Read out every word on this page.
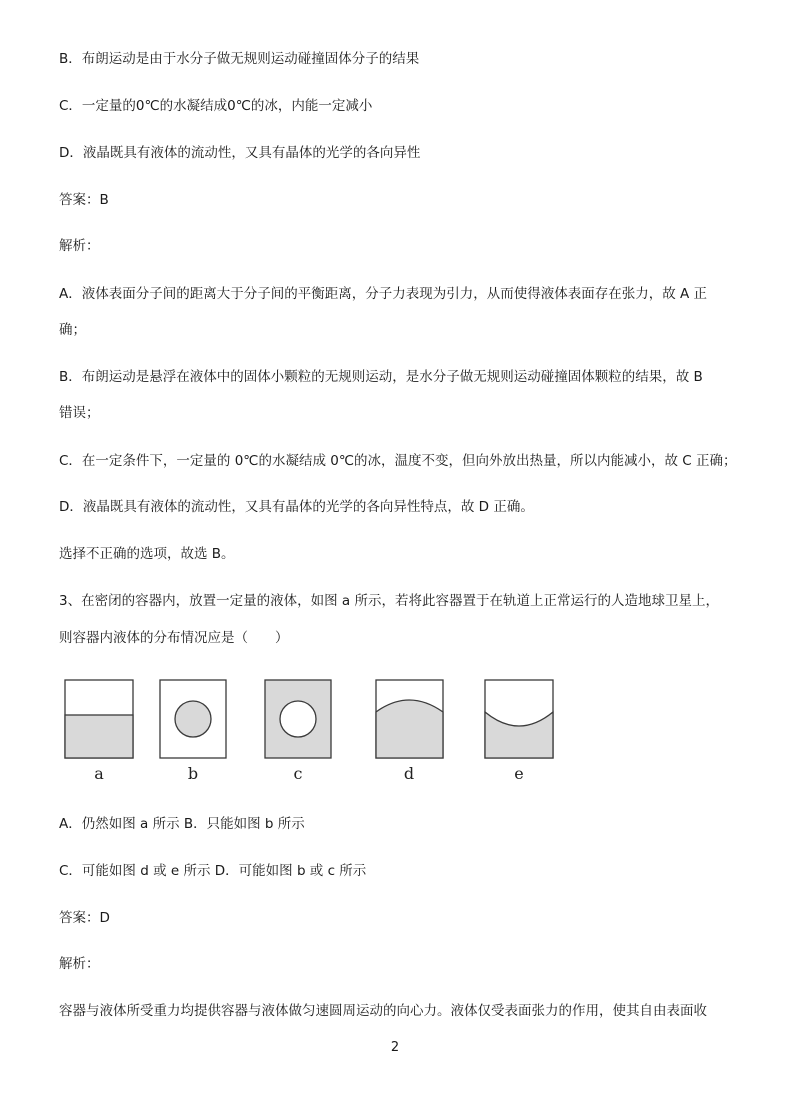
B．布朗运动是由于水分子做无规则运动碰撞固体分子的结果
C．一定量的0℃的水凝结成0℃的冰，内能一定减小
D．液晶既具有液体的流动性，又具有晶体的光学的各向异性
答案：B
解析：
A．液体表面分子间的距离大于分子间的平衡距离，分子力表现为引力，从而使得液体表面存在张力，故 A 正
确；
B．布朗运动是悬浮在液体中的固体小颗粒的无规则运动，是水分子做无规则运动碰撞固体颗粒的结果，故 B
错误；
C．在一定条件下，一定量的 0℃的水凝结成 0℃的冰，温度不变，但向外放出热量，所以内能减小，故 C 正确；
D．液晶既具有液体的流动性，又具有晶体的光学的各向异性特点，故 D 正确。
选择不正确的选项，故选 B。
3、在密闭的容器内，放置一定量的液体，如图 a 所示，若将此容器置于在轨道上正常运行的人造地球卫星上，
则容器内液体的分布情况应是（　　）
a	b	c	d	e
A．仍然如图 a 所示 B．只能如图 b 所示
C．可能如图 d 或 e 所示 D．可能如图 b 或 c 所示
答案：D
解析：
容器与液体所受重力均提供容器与液体做匀速圆周运动的向心力。液体仅受表面张力的作用，使其自由表面收
2
